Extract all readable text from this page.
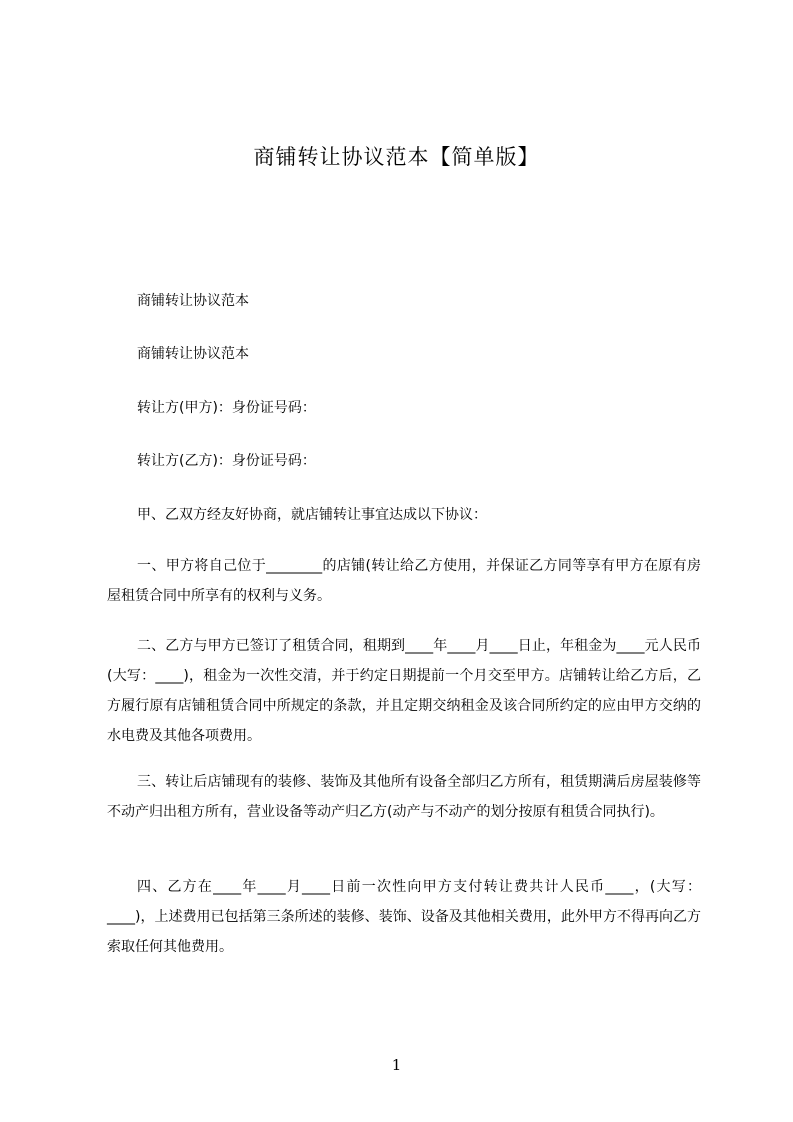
商铺转让协议范本【简单版】
商铺转让协议范本
商铺转让协议范本
转让方(甲方)：身份证号码：
转让方(乙方)：身份证号码：
甲、乙双方经友好协商，就店铺转让事宜达成以下协议：
一、甲方将自己位于________的店铺(转让给乙方使用，并保证乙方同等享有甲方在原有房屋租赁合同中所享有的权利与义务。
二、乙方与甲方已签订了租赁合同，租期到____年____月____日止，年租金为____元人民币(大写：____)，租金为一次性交清，并于约定日期提前一个月交至甲方。店铺转让给乙方后，乙方履行原有店铺租赁合同中所规定的条款，并且定期交纳租金及该合同所约定的应由甲方交纳的水电费及其他各项费用。
三、转让后店铺现有的装修、装饰及其他所有设备全部归乙方所有，租赁期满后房屋装修等不动产归出租方所有，营业设备等动产归乙方(动产与不动产的划分按原有租赁合同执行)。
四、乙方在____年____月____日前一次性向甲方支付转让费共计人民币____，(大写：____)，上述费用已包括第三条所述的装修、装饰、设备及其他相关费用，此外甲方不得再向乙方索取任何其他费用。
1
